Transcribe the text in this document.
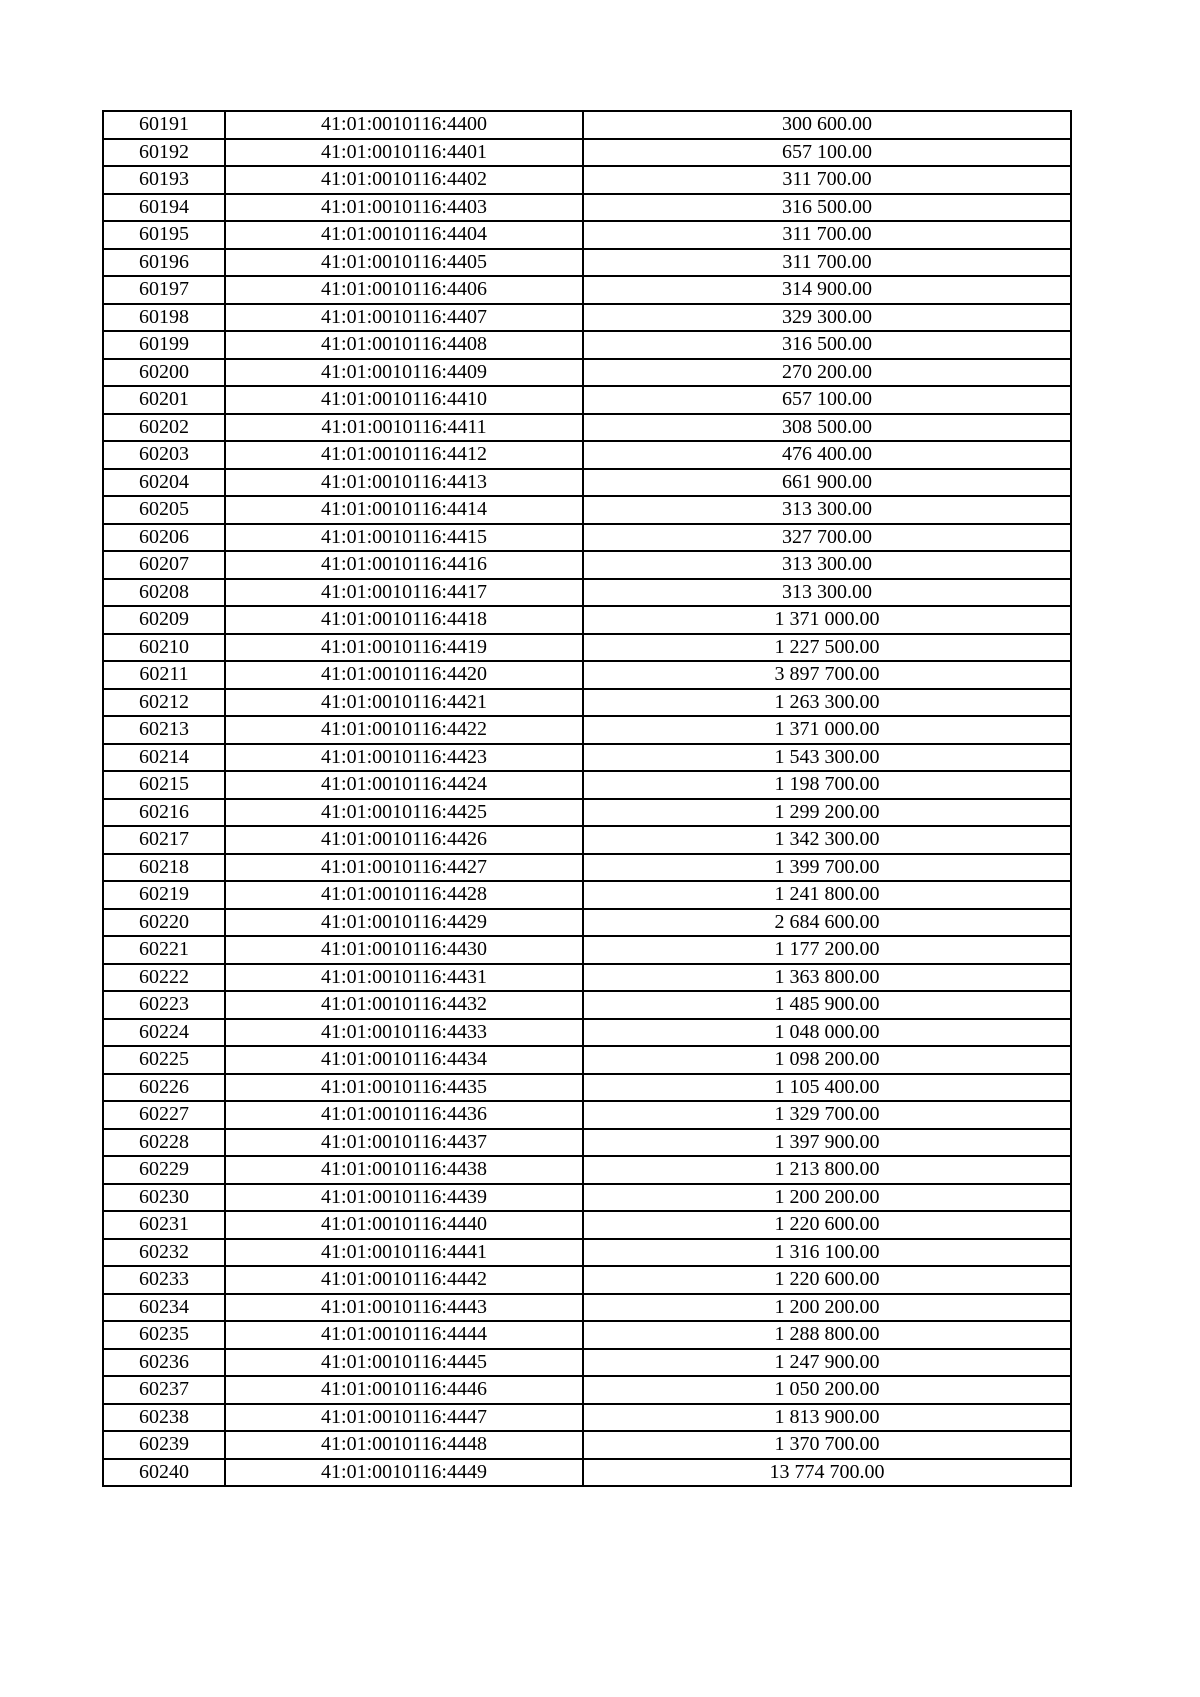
60191	41:01:0010116:4400	300 600.00
60192	41:01:0010116:4401	657 100.00
60193	41:01:0010116:4402	311 700.00
60194	41:01:0010116:4403	316 500.00
60195	41:01:0010116:4404	311 700.00
60196	41:01:0010116:4405	311 700.00
60197	41:01:0010116:4406	314 900.00
60198	41:01:0010116:4407	329 300.00
60199	41:01:0010116:4408	316 500.00
60200	41:01:0010116:4409	270 200.00
60201	41:01:0010116:4410	657 100.00
60202	41:01:0010116:4411	308 500.00
60203	41:01:0010116:4412	476 400.00
60204	41:01:0010116:4413	661 900.00
60205	41:01:0010116:4414	313 300.00
60206	41:01:0010116:4415	327 700.00
60207	41:01:0010116:4416	313 300.00
60208	41:01:0010116:4417	313 300.00
60209	41:01:0010116:4418	1 371 000.00
60210	41:01:0010116:4419	1 227 500.00
60211	41:01:0010116:4420	3 897 700.00
60212	41:01:0010116:4421	1 263 300.00
60213	41:01:0010116:4422	1 371 000.00
60214	41:01:0010116:4423	1 543 300.00
60215	41:01:0010116:4424	1 198 700.00
60216	41:01:0010116:4425	1 299 200.00
60217	41:01:0010116:4426	1 342 300.00
60218	41:01:0010116:4427	1 399 700.00
60219	41:01:0010116:4428	1 241 800.00
60220	41:01:0010116:4429	2 684 600.00
60221	41:01:0010116:4430	1 177 200.00
60222	41:01:0010116:4431	1 363 800.00
60223	41:01:0010116:4432	1 485 900.00
60224	41:01:0010116:4433	1 048 000.00
60225	41:01:0010116:4434	1 098 200.00
60226	41:01:0010116:4435	1 105 400.00
60227	41:01:0010116:4436	1 329 700.00
60228	41:01:0010116:4437	1 397 900.00
60229	41:01:0010116:4438	1 213 800.00
60230	41:01:0010116:4439	1 200 200.00
60231	41:01:0010116:4440	1 220 600.00
60232	41:01:0010116:4441	1 316 100.00
60233	41:01:0010116:4442	1 220 600.00
60234	41:01:0010116:4443	1 200 200.00
60235	41:01:0010116:4444	1 288 800.00
60236	41:01:0010116:4445	1 247 900.00
60237	41:01:0010116:4446	1 050 200.00
60238	41:01:0010116:4447	1 813 900.00
60239	41:01:0010116:4448	1 370 700.00
60240	41:01:0010116:4449	13 774 700.00
